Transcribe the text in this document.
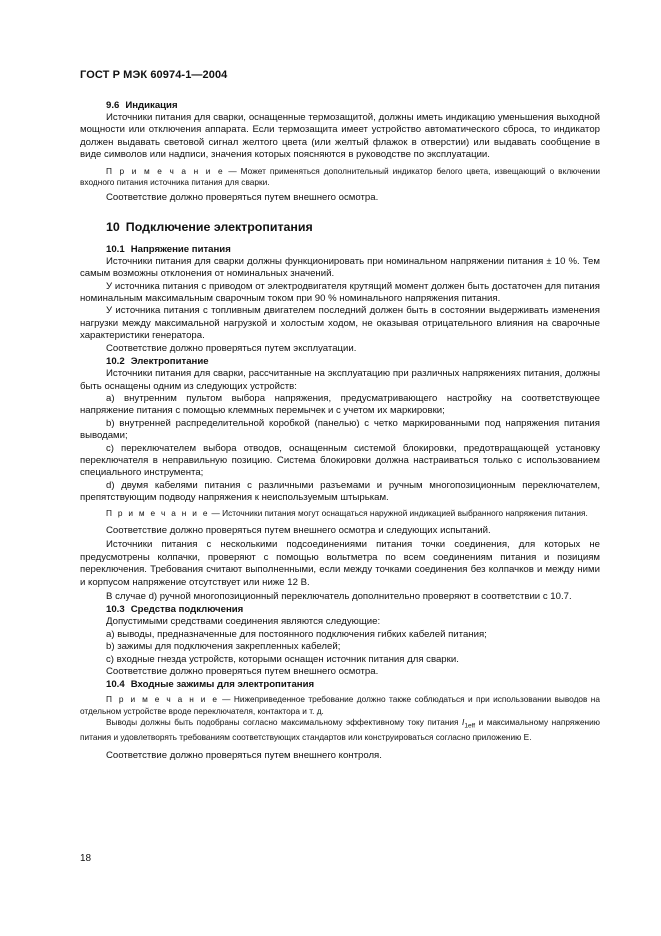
ГОСТ Р МЭК 60974-1—2004
9.6 Индикация

Источники питания для сварки, оснащенные термозащитой, должны иметь индикацию уменьшения выходной мощности или отключения аппарата. Если термозащита имеет устройство автоматического сброса, то индикатор должен выдавать световой сигнал желтого цвета (или желтый флажок в отверстии) или выдавать сообщение в виде символов или надписи, значения которых поясняются в руководстве по эксплуатации.

П р и м е ч а н и е — Может применяться дополнительный индикатор белого цвета, извещающий о включении входного питания источника питания для сварки.

Соответствие должно проверяться путем внешнего осмотра.

10 Подключение электропитания
10.1 Напряжение питания

Источники питания для сварки должны функционировать при номинальном напряжении питания ± 10 %. Тем самым возможны отклонения от номинальных значений.

У источника питания с приводом от электродвигателя крутящий момент должен быть достаточен для питания номинальным максимальным сварочным током при 90 % номинального напряжения питания.

У источника питания с топливным двигателем последний должен быть в состоянии выдерживать изменения нагрузки между максимальной нагрузкой и холостым ходом, не оказывая отрицательного влияния на сварочные характеристики генератора.

Соответствие должно проверяться путем эксплуатации.

10.2 Электропитание

Источники питания для сварки, рассчитанные на эксплуатацию при различных напряжениях питания, должны быть оснащены одним из следующих устройств:

а) внутренним пультом выбора напряжения, предусматривающего настройку на соответствующее напряжение питания с помощью клеммных перемычек и с учетом их маркировки;

b) внутренней распределительной коробкой (панелью) с четко маркированными под напряжения питания выводами;

c) переключателем выбора отводов, оснащенным системой блокировки, предотвращающей установку переключателя в неправильную позицию. Система блокировки должна настраиваться только с использованием специального инструмента;

d) двумя кабелями питания с различными разъемами и ручным многопозиционным переключателем, препятствующим подводу напряжения к неиспользуемым штырькам.

П р и м е ч а н и е — Источники питания могут оснащаться наружной индикацией выбранного напряжения питания.

Соответствие должно проверяться путем внешнего осмотра и следующих испытаний.

Источники питания с несколькими подсоединениями питания точки соединения, для которых не предусмотрены колпачки, проверяют с помощью вольтметра по всем соединениям питания и позициям переключения. Требования считают выполненными, если между точками соединения без колпачков и между ними и корпусом напряжение отсутствует или ниже 12 В.

В случае d) ручной многопозиционный переключатель дополнительно проверяют в соответствии с 10.7.

10.3 Средства подключения

Допустимыми средствами соединения являются следующие:

а) выводы, предназначенные для постоянного подключения гибких кабелей питания;

b) зажимы для подключения закрепленных кабелей;

c) входные гнезда устройств, которыми оснащен источник питания для сварки.

Соответствие должно проверяться путем внешнего осмотра.

10.4 Входные зажимы для электропитания

П р и м е ч а н и е — Нижеприведенное требование должно также соблюдаться и при использовании выводов на отдельном устройстве вроде переключателя, контактора и т. д.

Выводы должны быть подобраны согласно максимальному эффективному току питания $I_{1eff}$ и максимальному напряжению питания и удовлетворять требованиям соответствующих стандартов или конструироваться согласно приложению Е.

Соответствие должно проверяться путем внешнего контроля.

18
